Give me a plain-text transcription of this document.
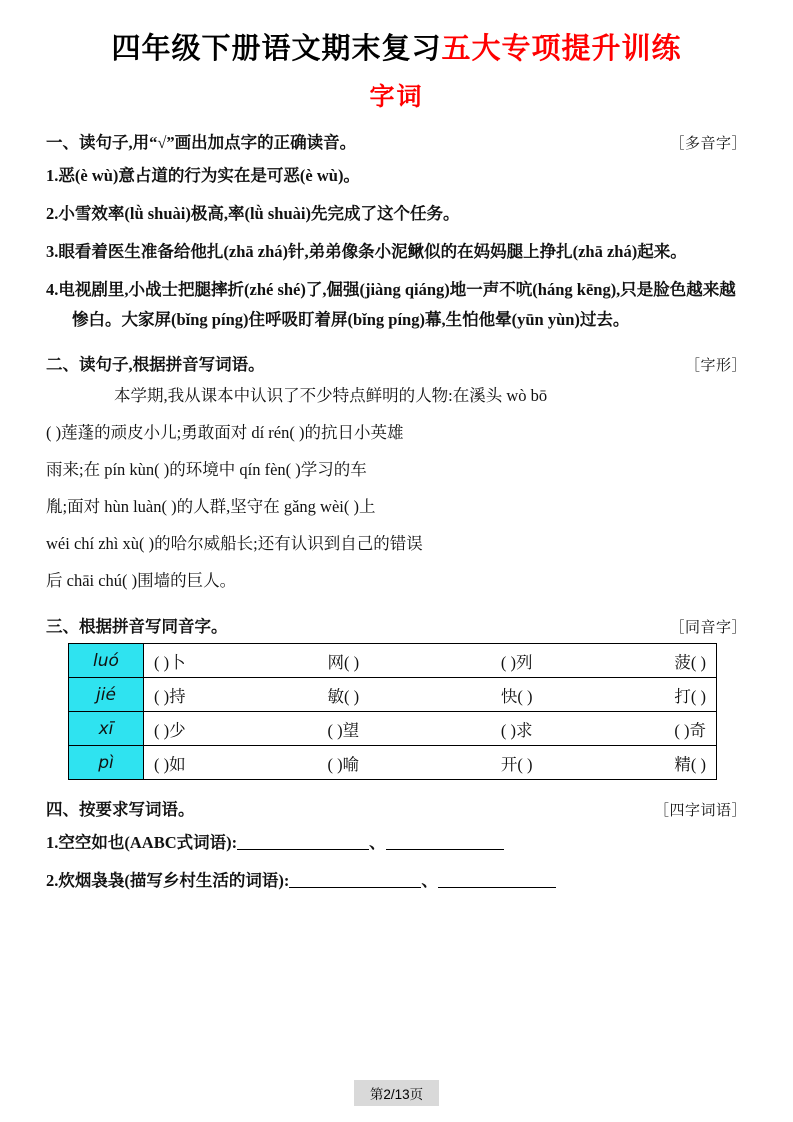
四年级下册语文期末复习五大专项提升训练
字词
一、读句子,用“√”画出加点字的正确读音。	［多音字］
1.恶(è wù)意占道的行为实在是可恶(è wù)。
2.小雪效率(lǜ shuài)极高,率(lǜ shuài)先完成了这个任务。
3.眼看着医生准备给他扎(zhā zhá)针,弟弟像条小泥鳅似的在妈妈腿上挣扎(zhā zhá)起来。
4.电视剧里,小战士把腿摔折(zhé shé)了,倔强(jiàng qiáng)地一声不吭(háng kēng),只是脸色越来越惨白。大家屏(bǐng píng)住呼吸盯着屏(bǐng píng)幕,生怕他晕(yūn yùn)过去。
二、读句子,根据拼音写词语。	［字形］
本学期,我从课本中认识了不少特点鲜明的人物:在溪头 wò bō
( )莲蓬的顽皮小儿;勇敢面对 dí rén( )的抗日小英雄
雨来;在 pín kùn( )的环境中 qín fèn( )学习的车
胤;面对 hùn luàn( )的人群,坚守在 gǎng wèi( )上
wéi chí zhì xù( )的哈尔威船长;还有认识到自己的错误
后 chāi chú( )围墙的巨人。
三、根据拼音写同音字。	［同音字］
luó	( )卜 网( ) ( )列 菠( )

jié	( )持 敏( ) 快( ) 打( )

xī	( )少 ( )望 ( )求 ( )奇

pì	( )如 ( )喻 开( ) 精( )
四、按要求写词语。	［四字词语］
1.空空如也(AABC式词语):	、
2.炊烟袅袅(描写乡村生活的词语):	、
第2/13页
